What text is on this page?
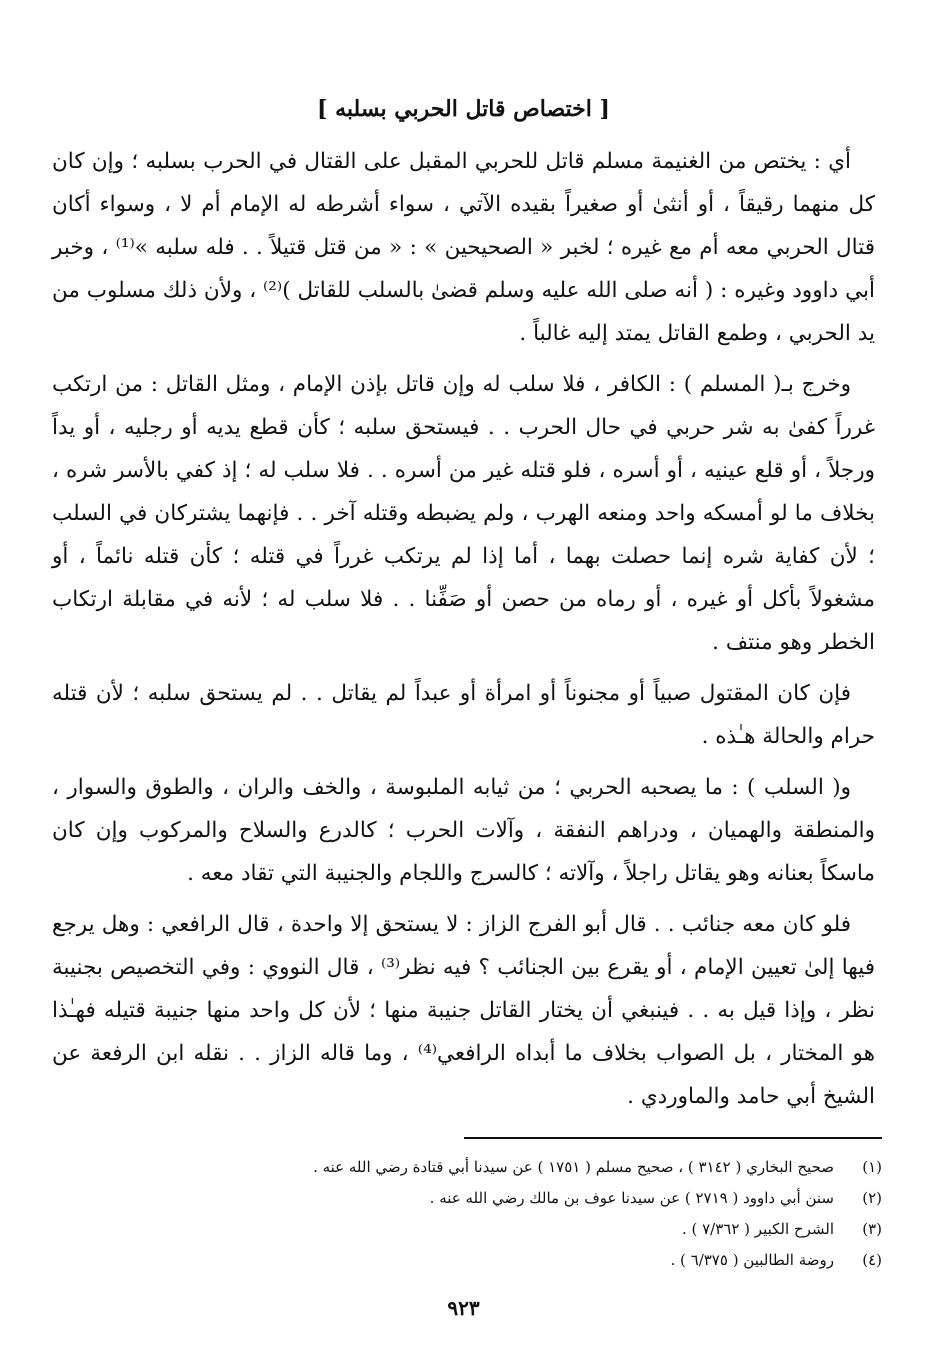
[ اختصاص قاتل الحربي بسلبه ]

أي : يختص من الغنيمة مسلم قاتل للحربي المقبل على القتال في الحرب بسلبه ؛ وإن كان كل منهما رقيقاً ، أو أنثىٰ أو صغيراً بقيده الآتي ، سواء أشرطه له الإمام أم لا ، وسواء أكان قتال الحربي معه أم مع غيره ؛ لخبر « الصحيحين » : « من قتل قتيلاً . . فله سلبه »⁽¹⁾ ، وخبر أبي داوود وغيره : ( أنه صلى الله عليه وسلم قضىٰ بالسلب للقاتل )⁽²⁾ ، ولأن ذلك مسلوب من يد الحربي ، وطمع القاتل يمتد إليه غالباً .

وخرج بـ( المسلم ) : الكافر ، فلا سلب له وإن قاتل بإذن الإمام ، ومثل القاتل : من ارتكب غرراً كفىٰ به شر حربي في حال الحرب . . فيستحق سلبه ؛ كأن قطع يديه أو رجليه ، أو يداً ورجلاً ، أو قلع عينيه ، أو أسره ، فلو قتله غير من أسره . . فلا سلب له ؛ إذ كفي بالأسر شره ، بخلاف ما لو أمسكه واحد ومنعه الهرب ، ولم يضبطه وقتله آخر . . فإنهما يشتركان في السلب ؛ لأن كفاية شره إنما حصلت بهما ، أما إذا لم يرتكب غرراً في قتله ؛ كأن قتله نائماً ، أو مشغولاً بأكل أو غيره ، أو رماه من حصن أو صَفِّنا . . فلا سلب له ؛ لأنه في مقابلة ارتكاب الخطر وهو منتف .

فإن كان المقتول صبياً أو مجنوناً أو امرأة أو عبداً لم يقاتل . . لم يستحق سلبه ؛ لأن قتله حرام والحالة هـٰذه .

و( السلب ) : ما يصحبه الحربي ؛ من ثيابه الملبوسة ، والخف والران ، والطوق والسوار ، والمنطقة والهميان ، ودراهم النفقة ، وآلات الحرب ؛ كالدرع والسلاح والمركوب وإن كان ماسكاً بعنانه وهو يقاتل راجلاً ، وآلاته ؛ كالسرج واللجام والجنيبة التي تقاد معه .

فلو كان معه جنائب . . قال أبو الفرج الزاز : لا يستحق إلا واحدة ، قال الرافعي : وهل يرجع فيها إلىٰ تعيين الإمام ، أو يقرع بين الجنائب ؟ فيه نظر⁽³⁾ ، قال النووي : وفي التخصيص بجنيبة نظر ، وإذا قيل به . . فينبغي أن يختار القاتل جنيبة منها ؛ لأن كل واحد منها جنيبة قتيله فهـٰذا هو المختار ، بل الصواب بخلاف ما أبداه الرافعي⁽⁴⁾ ، وما قاله الزاز . . نقله ابن الرفعة عن الشيخ أبي حامد والماوردي .

(١)
صحيح البخاري ( ٣١٤٢ ) ، صحيح مسلم ( ١٧٥١ ) عن سيدنا أبي قتادة رضي الله عنه .
(٢)
سنن أبي داوود ( ٢٧١٩ ) عن سيدنا عوف بن مالك رضي الله عنه .
(٣)
الشرح الكبير ( ٧/٣٦٢ ) .
(٤)
روضة الطالبين ( ٦/٣٧٥ ) .
٩٢٣
